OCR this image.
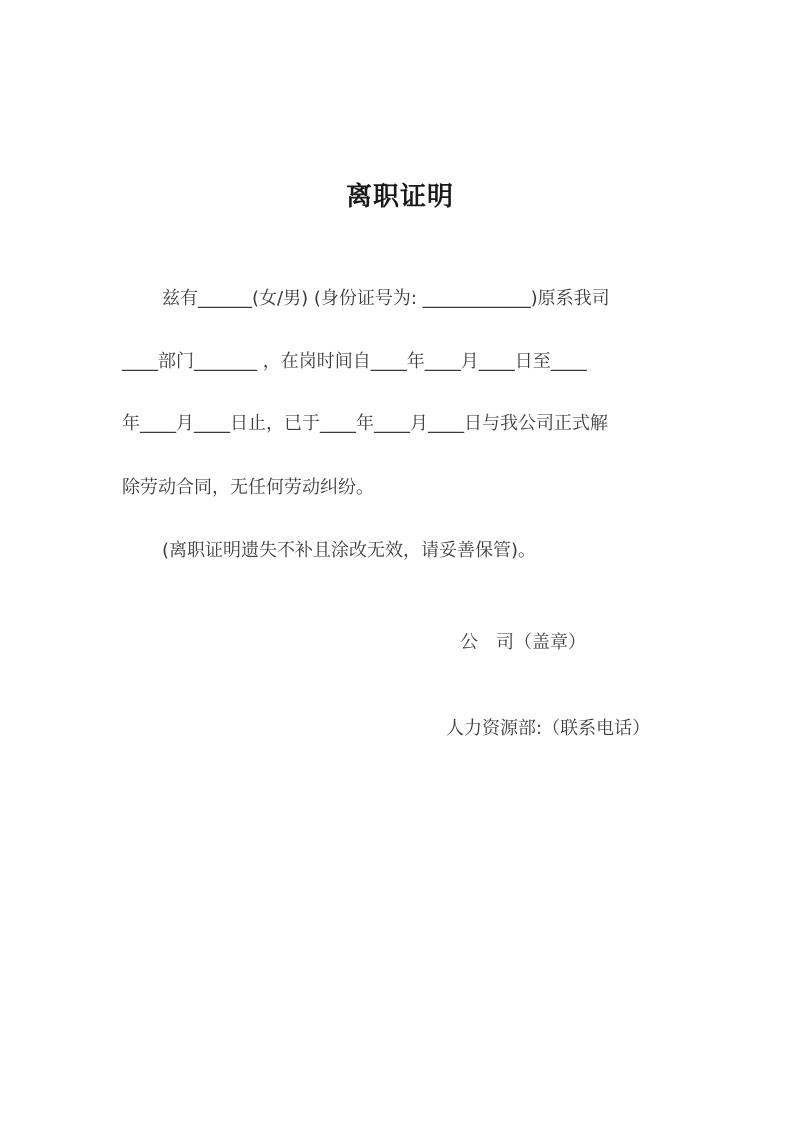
离职证明
兹有______(女/男) (身份证号为: ____________)原系我司
____部门_______ ，在岗时间自____年____月____日至____
年____月____日止，已于____年____月____日与我公司正式解
除劳动合同，无任何劳动纠纷。
(离职证明遗失不补且涂改无效，请妥善保管)。
公　司（盖章）
人力资源部:（联系电话）
